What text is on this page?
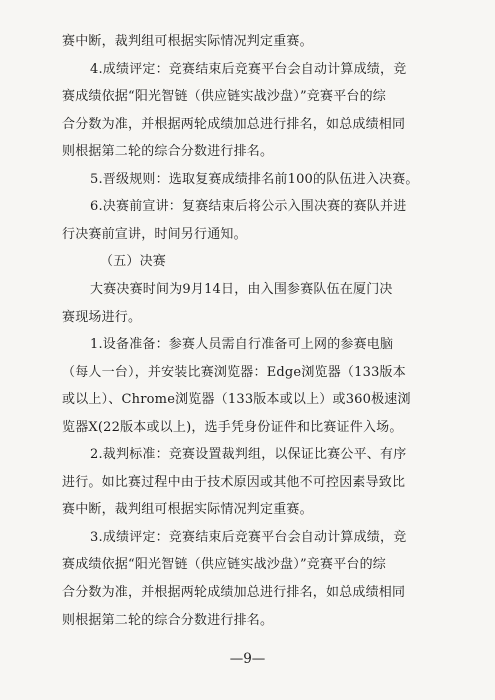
赛中断，裁判组可根据实际情况判定重赛。
4.成绩评定：竞赛结束后竞赛平台会自动计算成绩，竞
赛成绩依据“阳光智链（供应链实战沙盘）”竞赛平台的综
合分数为准，并根据两轮成绩加总进行排名，如总成绩相同
则根据第二轮的综合分数进行排名。
5.晋级规则：选取复赛成绩排名前100的队伍进入决赛。
6.决赛前宣讲：复赛结束后将公示入围决赛的赛队并进
行决赛前宣讲，时间另行通知。
（五）决赛
大赛决赛时间为9月14日，由入围参赛队伍在厦门决
赛现场进行。
1.设备准备：参赛人员需自行准备可上网的参赛电脑
（每人一台），并安装比赛浏览器：Edge浏览器（133版本
或以上）、Chrome浏览器（133版本或以上）或360极速浏
览器X(22版本或以上)，选手凭身份证件和比赛证件入场。
2.裁判标准：竞赛设置裁判组，以保证比赛公平、有序
进行。如比赛过程中由于技术原因或其他不可控因素导致比
赛中断，裁判组可根据实际情况判定重赛。
3.成绩评定：竞赛结束后竞赛平台会自动计算成绩，竞
赛成绩依据“阳光智链（供应链实战沙盘）”竞赛平台的综
合分数为准，并根据两轮成绩加总进行排名，如总成绩相同
则根据第二轮的综合分数进行排名。
—9—
